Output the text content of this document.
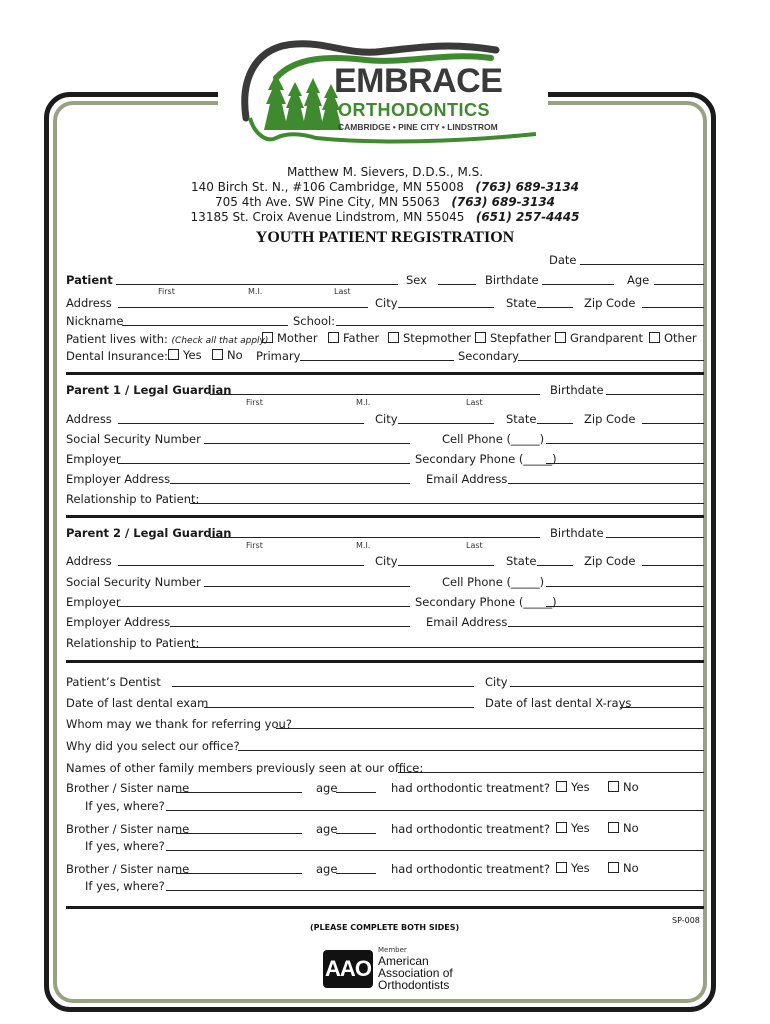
EMBRACE
ORTHODONTICS
CAMBRIDGE • PINE CITY • LINDSTROM
Matthew M. Sievers, D.D.S., M.S.
140 Birch St. N., #106 Cambridge, MN 55008 (763) 689-3134
705 4th Ave. SW Pine City, MN 55063 (763) 689-3134
13185 St. Croix Avenue Lindstrom, MN 55045 (651) 257-4445
YOUTH PATIENT REGISTRATION
Date
Patient	Sex	Birthdate	Age
First	M.I.	Last
Address	City	State	Zip Code
Nickname	School:
Patient lives with: (Check all that apply) Mother	Father	Stepmother	Stepfather	Grandparent	Other
Dental Insurance:	Yes	No Primary	Secondary
Parent 1 / Legal Guardian	Birthdate
First	M.I.	Last
Address	City	State	Zip Code
Social Security Number	Cell Phone (_____)
Employer	Secondary Phone (_____)
Employer Address	Email Address
Relationship to Patient:
Parent 2 / Legal Guardian	Birthdate
First	M.I.	Last
Address	City	State	Zip Code
Social Security Number	Cell Phone (_____)
Employer	Secondary Phone (_____)
Employer Address	Email Address
Relationship to Patient:
Patient’s Dentist	City
Date of last dental exam	Date of last dental X-rays
Whom may we thank for referring you?
Why did you select our office?
Names of other family members previously seen at our office:
Brother / Sister name	age	had orthodontic treatment?	Yes	No
If yes, where?
Brother / Sister name	age	had orthodontic treatment?	Yes	No
If yes, where?
Brother / Sister name	age	had orthodontic treatment?	Yes	No
If yes, where?
(PLEASE COMPLETE BOTH SIDES)
SP-008
AAO
Member
American
Association of
Orthodontists
